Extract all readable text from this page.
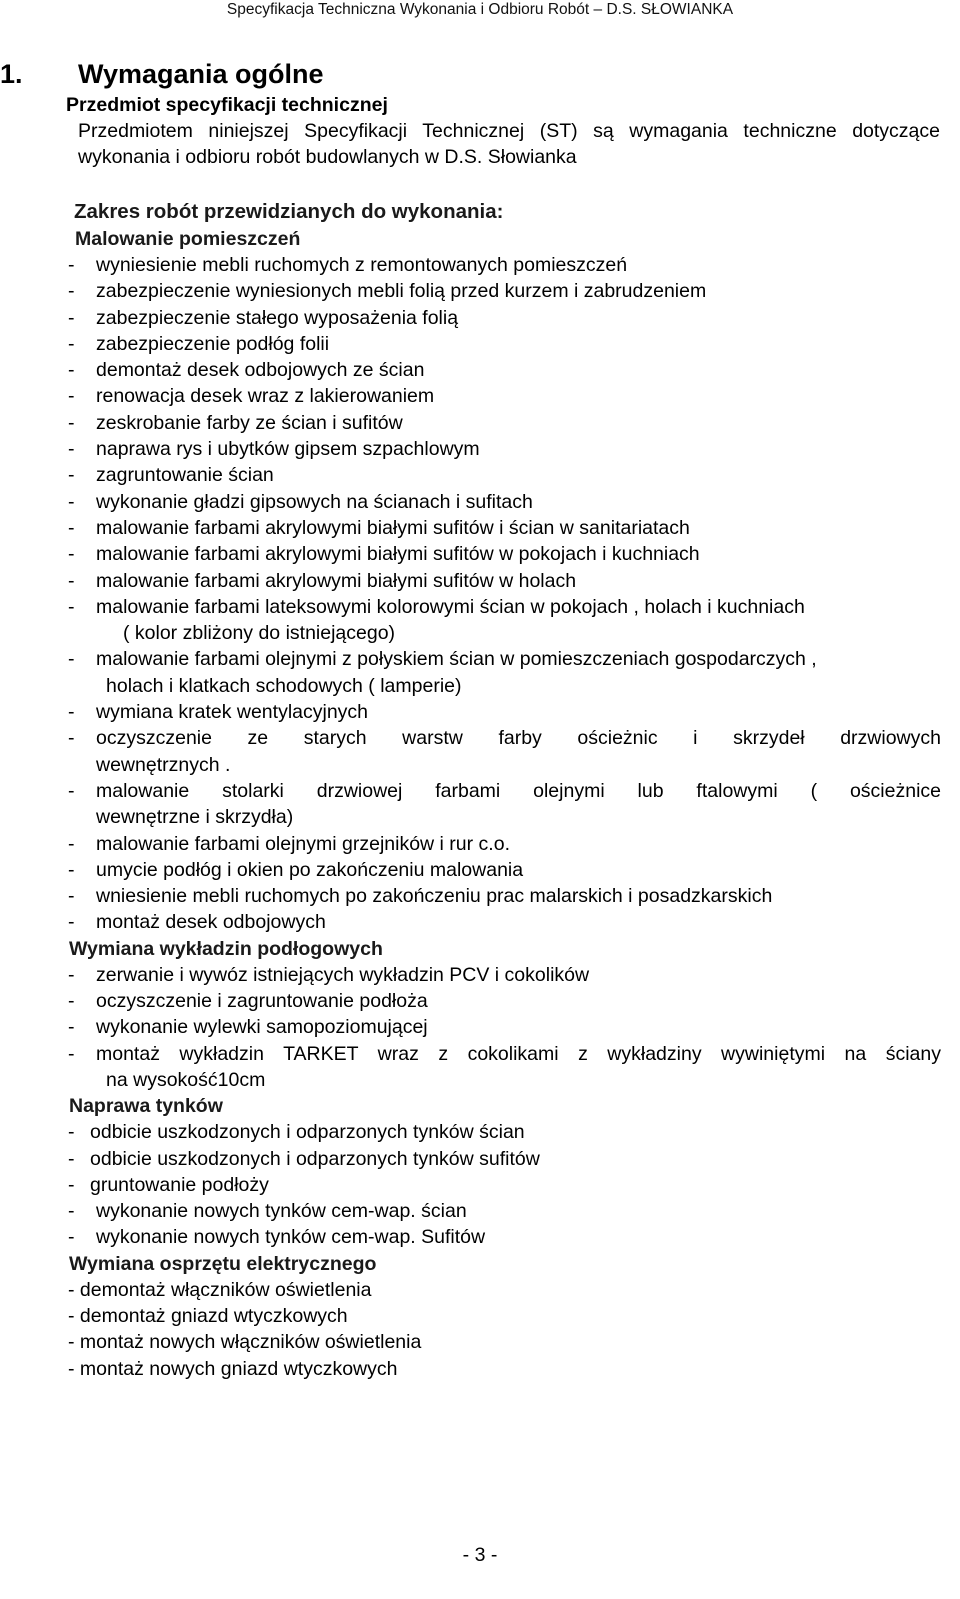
Specyfikacja Techniczna Wykonania i Odbioru Robót – D.S. SŁOWIANKA
1. Wymagania ogólne
Przedmiot specyfikacji technicznej
Przedmiotem niniejszej Specyfikacji Technicznej (ST) są wymagania techniczne dotyczące wykonania i odbioru robót budowlanych w D.S. Słowianka
Zakres robót przewidzianych do wykonania:
Malowanie pomieszczeń
- wyniesienie mebli ruchomych z remontowanych pomieszczeń
- zabezpieczenie wyniesionych mebli folią przed kurzem i zabrudzeniem
- zabezpieczenie stałego wyposażenia folią
- zabezpieczenie podłóg folii
- demontaż desek odbojowych ze ścian
- renowacja desek wraz z lakierowaniem
- zeskrobanie farby ze ścian i sufitów
- naprawa rys i ubytków gipsem szpachlowym
- zagruntowanie ścian
- wykonanie gładzi gipsowych na ścianach i sufitach
- malowanie farbami akrylowymi białymi sufitów i ścian w sanitariatach
- malowanie farbami akrylowymi białymi sufitów w pokojach i kuchniach
- malowanie farbami akrylowymi białymi sufitów w holach
- malowanie farbami lateksowymi kolorowymi ścian w pokojach , holach i kuchniach
( kolor zbliżony do istniejącego)
- malowanie farbami olejnymi z połyskiem ścian w pomieszczeniach gospodarczych ,
holach i klatkach schodowych ( lamperie)
- wymiana kratek wentylacyjnych
- oczyszczenie ze starych warstw farby ościeżnic i skrzydeł drzwiowych
wewnętrznych .
- malowanie stolarki drzwiowej farbami olejnymi lub ftalowymi ( ościeżnice
wewnętrzne i skrzydła)
- malowanie farbami olejnymi grzejników i rur c.o.
- umycie podłóg i okien po zakończeniu malowania
- wniesienie mebli ruchomych po zakończeniu prac malarskich i posadzkarskich
- montaż desek odbojowych
Wymiana wykładzin podłogowych
- zerwanie i wywóz istniejących wykładzin PCV i cokolików
- oczyszczenie i zagruntowanie podłoża
- wykonanie wylewki samopoziomującej
- montaż wykładzin TARKET wraz z cokolikami z wykładziny wywiniętymi na ściany
na wysokość10cm
Naprawa tynków
- odbicie uszkodzonych i odparzonych tynków ścian
- odbicie uszkodzonych i odparzonych tynków sufitów
- gruntowanie podłoży
- wykonanie nowych tynków cem-wap. ścian
- wykonanie nowych tynków cem-wap. Sufitów
Wymiana osprzętu elektrycznego
- demontaż włączników oświetlenia
- demontaż gniazd wtyczkowych
- montaż nowych włączników oświetlenia
- montaż nowych gniazd wtyczkowych
- 3 -
